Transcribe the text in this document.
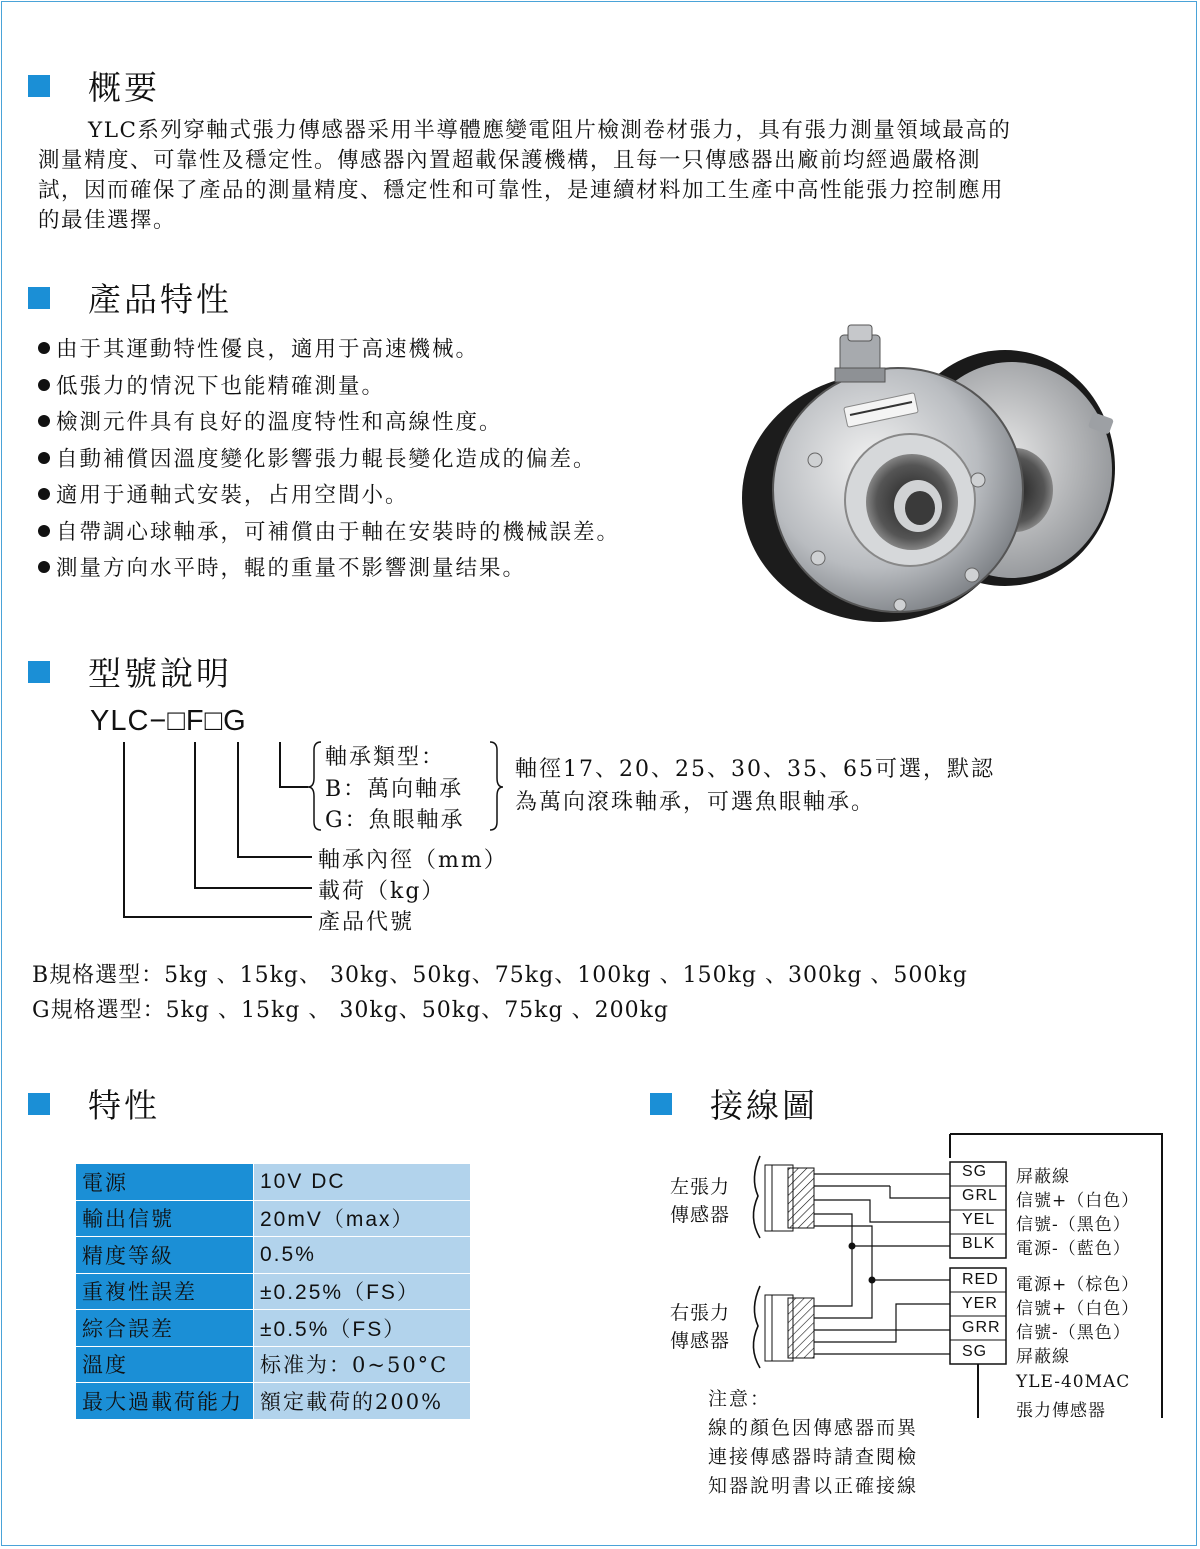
概要

YLC系列穿軸式張力傳感器采用半導體應變電阻片檢測卷材張力，具有張力測量領域最高的

測量精度、可靠性及穩定性。傳感器內置超載保護機構，且每一只傳感器出廠前均經過嚴格測
試，因而確保了產品的測量精度、穩定性和可靠性，是連續材料加工生產中高性能張力控制應用
的最佳選擇。
產品特性
由于其運動特性優良，適用于高速機械。
低張力的情況下也能精確測量。
檢測元件具有良好的溫度特性和高線性度。
自動補償因溫度變化影響張力輥長變化造成的偏差。
適用于通軸式安裝，占用空間小。
自帶調心球軸承，可補償由于軸在安裝時的機械誤差。
測量方向水平時，輥的重量不影響測量结果。
型號說明
YLC−□F□G
軸承類型：
B：萬向軸承
G：魚眼軸承
軸徑17、20、25、30、35、65可選，默認
為萬向滾珠軸承，可選魚眼軸承。
軸承內徑（mm）
載荷（kg）
產品代號
B規格選型：5kg 、15kg、 30kg、50kg、75kg、100kg 、150kg 、300kg 、500kg
G規格選型：5kg 、15kg 、 30kg、50kg、75kg 、200kg
特性
電源	10V DC
輸出信號	20mV（max）
精度等級	0.5%
重複性誤差	±0.25%（FS）
綜合誤差	±0.5%（FS）
溫度	标准为：0~50°C
最大過載荷能力	額定載荷的200%
接線圖
左張力
傳感器
右張力
傳感器
SG
GRL
YEL
BLK
RED
YER
GRR
SG
屏蔽線
信號+（白色）
信號-（黑色）
電源-（藍色）
電源+（棕色）
信號+（白色）
信號-（黑色）
屏蔽線
YLE-40MAC
張力傳感器
注意：
線的顏色因傳感器而異
連接傳感器時請查閱檢
知器說明書以正確接線
